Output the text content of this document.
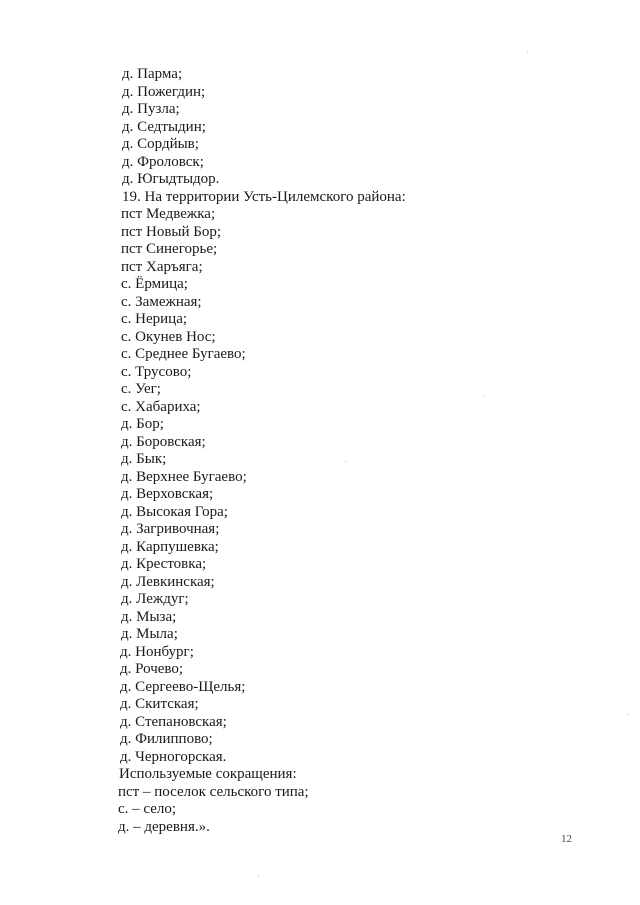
д. Парма;
д. Пожегдин;
д. Пузла;
д. Седтыдин;
д. Сордйыв;
д. Фроловск;
д. Югыдтыдор.
19. На территории Усть-Цилемского района:
пст Медвежка;
пст Новый Бор;
пст Синегорье;
пст Харъяга;
с. Ёрмица;
с. Замежная;
с. Нерица;
с. Окунев Нос;
с. Среднее Бугаево;
с. Трусово;
с. Уег;
с. Хабариха;
д. Бор;
д. Боровская;
д. Бык;
д. Верхнее Бугаево;
д. Верховская;
д. Высокая Гора;
д. Загривочная;
д. Карпушевка;
д. Крестовка;
д. Левкинская;
д. Леждуг;
д. Мыза;
д. Мыла;
д. Нонбург;
д. Рочево;
д. Сергеево-Щелья;
д. Скитская;
д. Степановская;
д. Филиппово;
д. Черногорская.
Используемые сокращения:
пст – поселок сельского типа;
с. – село;
д. – деревня.».
12
